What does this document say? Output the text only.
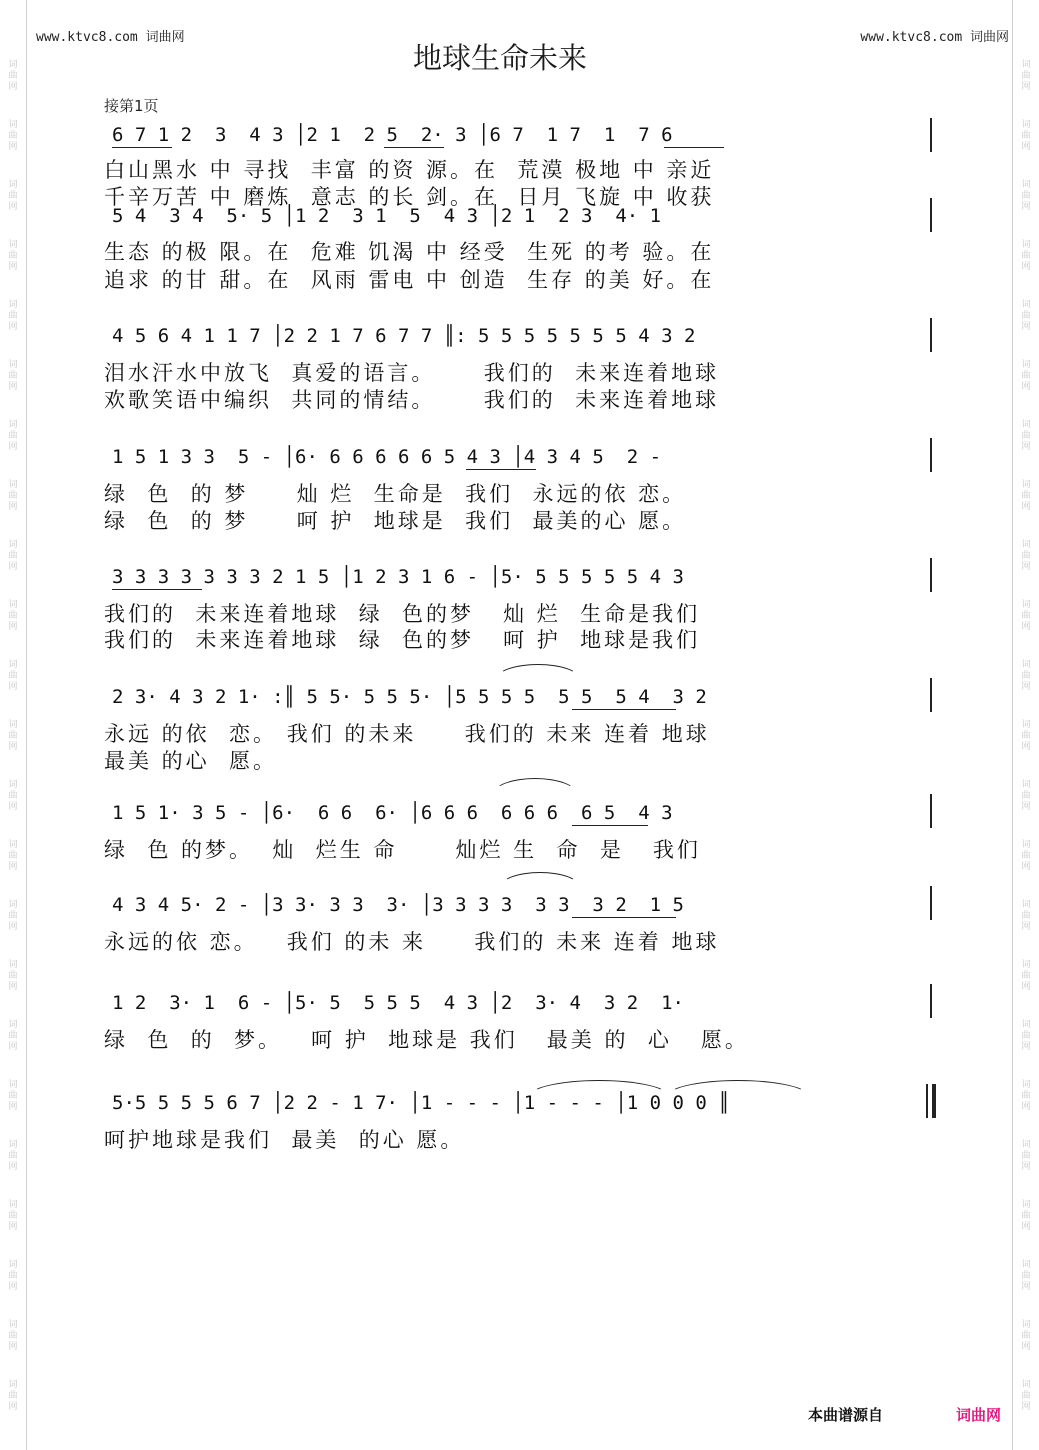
词
曲
网
词
曲
网
词
曲
网
词
曲
网
词
曲
网
词
曲
网
词
曲
网
词
曲
网
词
曲
网
词
曲
网
词
曲
网
词
曲
网
词
曲
网
词
曲
网
词
曲
网
词
曲
网
词
曲
网
词
曲
网
词
曲
网
词
曲
网
词
曲
网
词
曲
网
词
曲
网
词
曲
网
词
曲
网
词
曲
网
词
曲
网
词
曲
网
词
曲
网
词
曲
网
词
曲
网
词
曲
网
词
曲
网
词
曲
网
词
曲
网
词
曲
网
词
曲
网
词
曲
网
词
曲
网
词
曲
网
词
曲
网
词
曲
网
词
曲
网
词
曲
网
词
曲
网
词
曲
网
www.ktvc8.com 词曲网	www.ktvc8.com 词曲网
地球生命未来
接第1页
6 7 1 2  3  4 3 │2 1  2 5  2· 3 │6 7  1 7  1  7 6
白山黑水 中 寻找  丰富 的资 源。在  荒漠 极地 中 亲近
千辛万苦 中 磨炼  意志 的长 剑。在  日月 飞旋 中 收获
5 4  3 4  5· 5 │1 2  3 1  5  4 3 │2 1  2 3  4· 1
生态 的极 限。在  危难 饥渴 中 经受  生死 的考 验。在
追求 的甘 甜。在  风雨 雷电 中 创造  生存 的美 好。在
4 5 6 4 1 1 7 │2 2 1 7 6 7 7 ║: 5 5 5 5 5 5 5 4 3 2
泪水汗水中放飞  真爱的语言。     我们的  未来连着地球
欢歌笑语中编织  共同的情结。     我们的  未来连着地球
1 5 1 3 3  5 - │6· 6 6 6 6 6 5 4 3 │4 3 4 5  2 -
绿  色  的 梦     灿 烂  生命是  我们  永远的依 恋。
绿  色  的 梦     呵 护  地球是  我们  最美的心 愿。
3 3 3 3 3 3 3 2 1 5 │1 2 3 1 6 - │5· 5 5 5 5 5 4 3
我们的  未来连着地球  绿  色的梦   灿 烂  生命是我们
我们的  未来连着地球  绿  色的梦   呵 护  地球是我们
2 3· 4 3 2 1· :║ 5 5· 5 5 5· │5 5 5 5  5 5  5 4  3 2
永远 的依  恋。 我们 的未来     我们的 未来 连着 地球
最美 的心  愿。
1 5 1· 3 5 - │6·  6 6  6· │6 6 6  6 6 6  6 5  4 3
绿  色 的梦。  灿  烂生 命      灿烂 生  命  是   我们
4 3 4 5· 2 - │3 3· 3 3  3· │3 3 3 3  3 3  3 2  1 5
永远的依 恋。   我们 的未 来     我们的 未来 连着 地球
1 2  3· 1  6 - │5· 5  5 5 5  4 3 │2  3· 4  3 2  1·
绿  色  的  梦。   呵 护  地球是 我们   最美 的  心   愿。
5·5 5 5 5 6 7 │2 2 - 1 7· │1 - - - │1 - - - │1 0 0 0 ║
呵护地球是我们  最美  的心 愿。
本曲谱源自	词曲网
